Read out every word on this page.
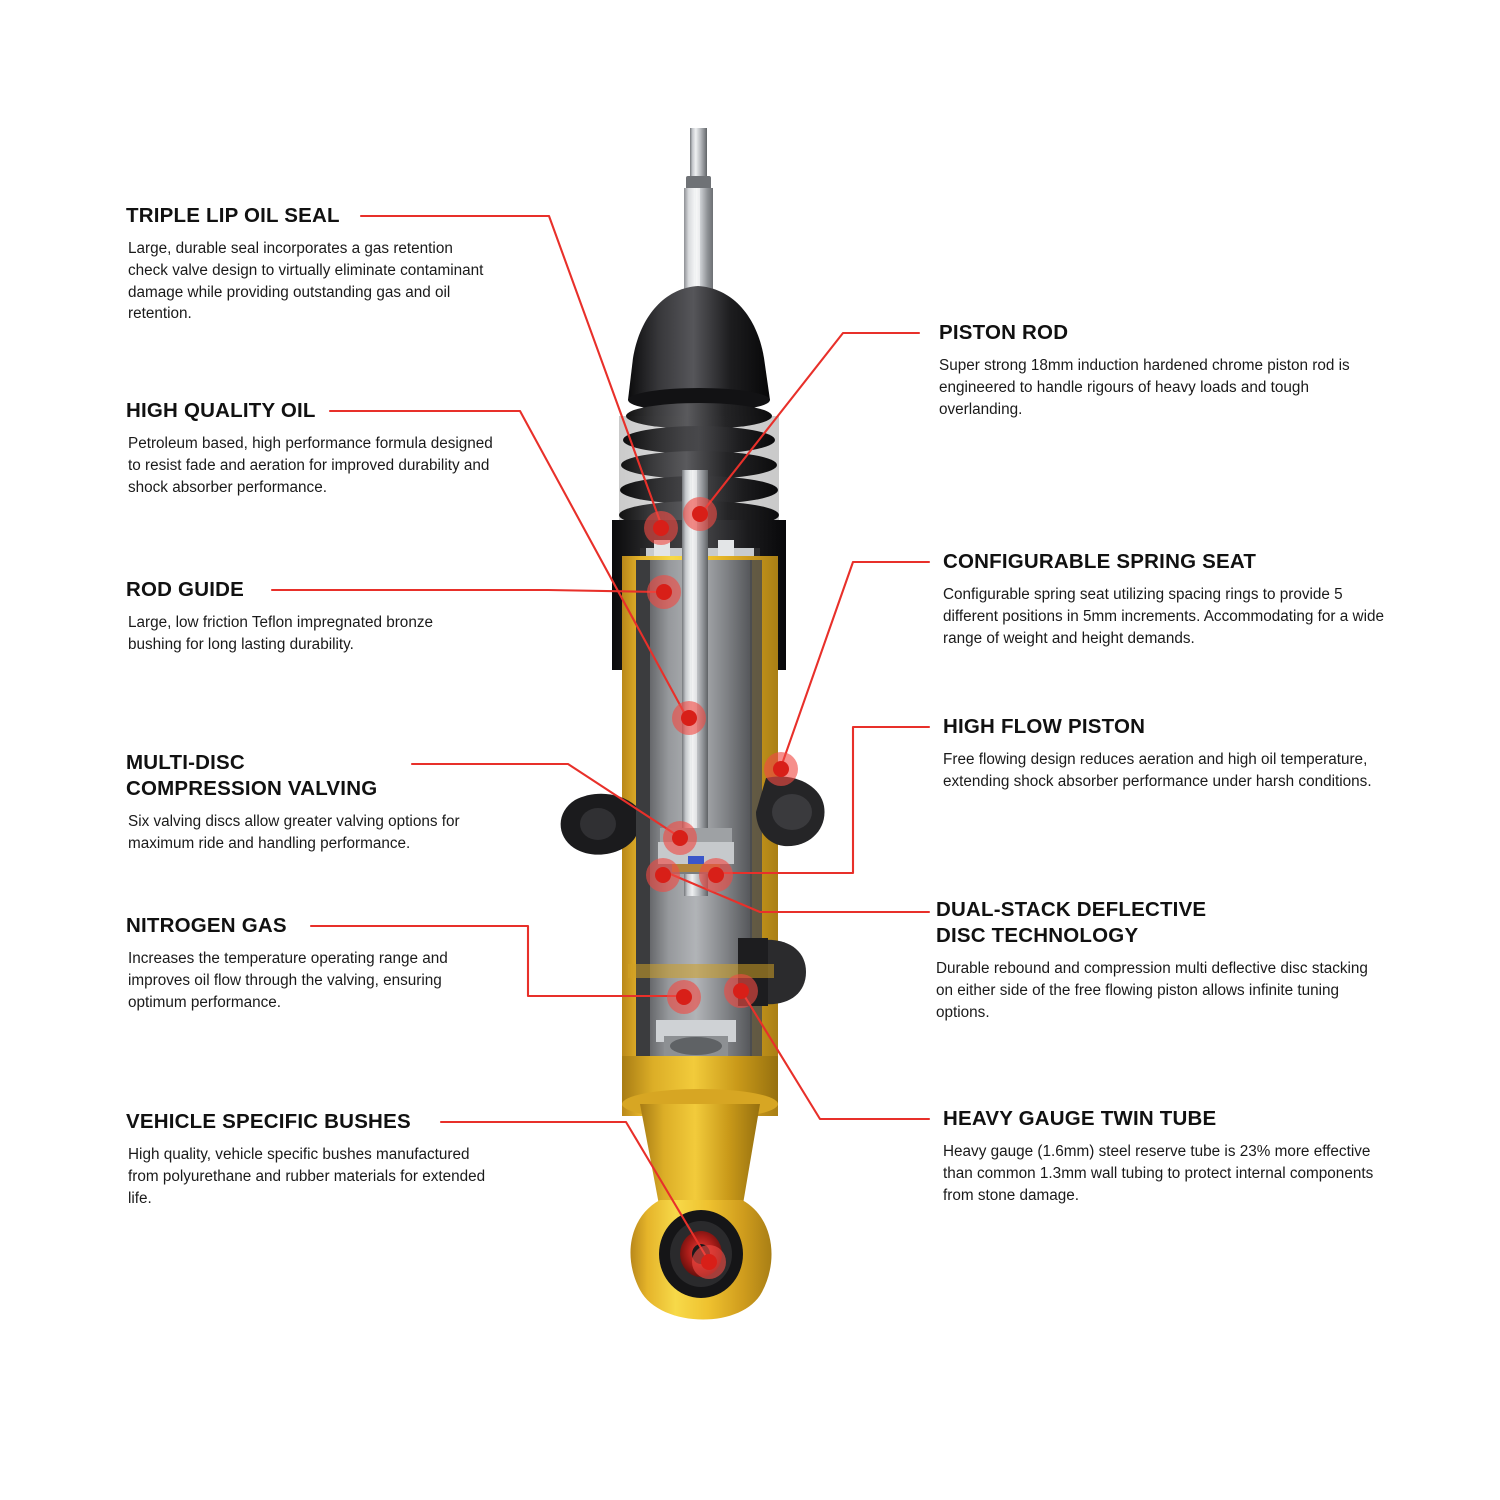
TRIPLE LIP OIL SEAL
Large, durable seal incorporates a gas retention check valve design to virtually eliminate contaminant damage while providing outstanding gas and oil retention.
HIGH QUALITY OIL
Petroleum based, high performance formula designed to resist fade and aeration for improved durability and shock absorber performance.
ROD GUIDE
Large, low friction Teflon impregnated bronze bushing for long lasting durability.
MULTI-DISC
COMPRESSION VALVING
Six valving discs allow greater valving options for maximum ride and handling performance.
NITROGEN GAS
Increases the temperature operating range and improves oil flow through the valving, ensuring optimum performance.
VEHICLE SPECIFIC BUSHES
High quality, vehicle specific bushes manufactured from polyurethane and rubber materials for extended life.
PISTON ROD
Super strong 18mm induction hardened chrome piston rod is engineered to handle rigours of heavy loads and tough overlanding.
CONFIGURABLE SPRING SEAT
Configurable spring seat utilizing spacing rings to provide 5 different positions in 5mm increments. Accommodating for a wide range of weight and height demands.
HIGH FLOW PISTON
Free flowing design reduces aeration and high oil temperature, extending shock absorber performance under harsh conditions.
DUAL-STACK DEFLECTIVE
DISC TECHNOLOGY
Durable rebound and compression multi deflective disc stacking on either side of the free flowing piston allows infinite tuning options.
HEAVY GAUGE TWIN TUBE
Heavy gauge (1.6mm) steel reserve tube is 23% more effective than common 1.3mm wall tubing to protect internal components from stone damage.
